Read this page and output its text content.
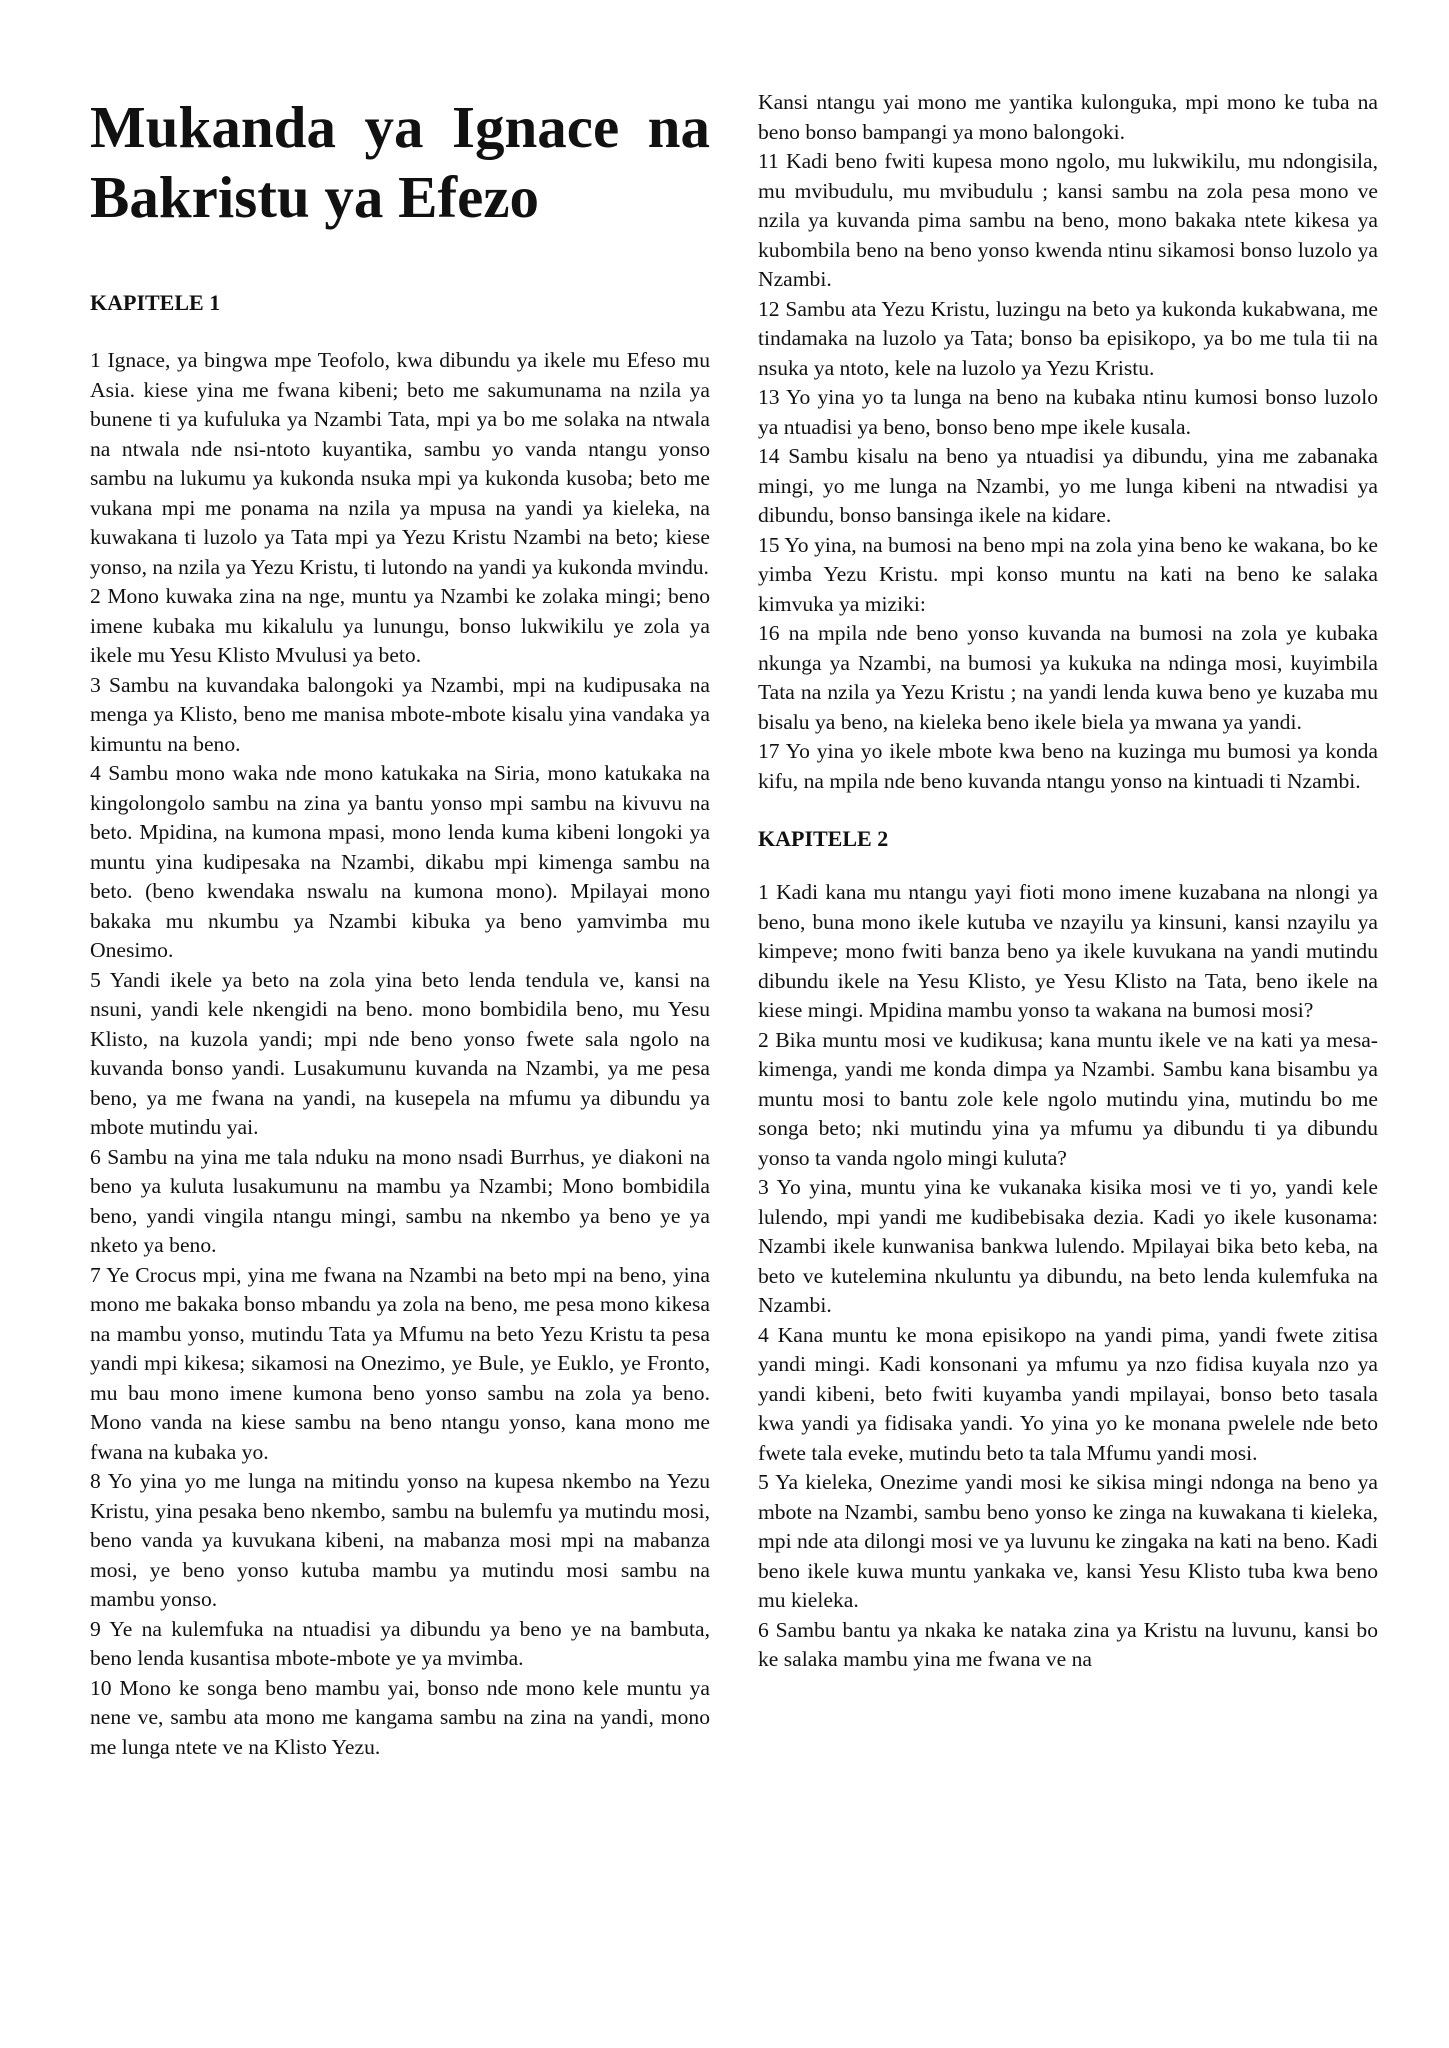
Mukanda ya Ignace na
Bakristu ya Efezo
KAPITELE 1

1 Ignace, ya bingwa mpe Teofolo, kwa dibundu ya ikele mu Efeso mu Asia. kiese yina me fwana kibeni; beto me sakumunama na nzila ya bunene ti ya kufuluka ya Nzambi Tata, mpi ya bo me solaka na ntwala na ntwala nde nsi-ntoto kuyantika, sambu yo vanda ntangu yonso sambu na lukumu ya kukonda nsuka mpi ya kukonda kusoba; beto me vukana mpi me ponama na nzila ya mpusa na yandi ya kieleka, na kuwakana ti luzolo ya Tata mpi ya Yezu Kristu Nzambi na beto; kiese yonso, na nzila ya Yezu Kristu, ti lutondo na yandi ya kukonda mvindu.

2 Mono kuwaka zina na nge, muntu ya Nzambi ke zolaka mingi; beno imene kubaka mu kikalulu ya lunungu, bonso lukwikilu ye zola ya ikele mu Yesu Klisto Mvulusi ya beto.

3 Sambu na kuvandaka balongoki ya Nzambi, mpi na kudipusaka na menga ya Klisto, beno me manisa mbote-mbote kisalu yina vandaka ya kimuntu na beno.

4 Sambu mono waka nde mono katukaka na Siria, mono katukaka na kingolongolo sambu na zina ya bantu yonso mpi sambu na kivuvu na beto. Mpidina, na kumona mpasi, mono lenda kuma kibeni longoki ya muntu yina kudipesaka na Nzambi, dikabu mpi kimenga sambu na beto. (beno kwendaka nswalu na kumona mono). Mpilayai mono bakaka mu nkumbu ya Nzambi kibuka ya beno yamvimba mu Onesimo.

5 Yandi ikele ya beto na zola yina beto lenda tendula ve, kansi na nsuni, yandi kele nkengidi na beno. mono bombidila beno, mu Yesu Klisto, na kuzola yandi; mpi nde beno yonso fwete sala ngolo na kuvanda bonso yandi. Lusakumunu kuvanda na Nzambi, ya me pesa beno, ya me fwana na yandi, na kusepela na mfumu ya dibundu ya mbote mutindu yai.

6 Sambu na yina me tala nduku na mono nsadi Burrhus, ye diakoni na beno ya kuluta lusakumunu na mambu ya Nzambi; Mono bombidila beno, yandi vingila ntangu mingi, sambu na nkembo ya beno ye ya nketo ya beno.

7 Ye Crocus mpi, yina me fwana na Nzambi na beto mpi na beno, yina mono me bakaka bonso mbandu ya zola na beno, me pesa mono kikesa na mambu yonso, mutindu Tata ya Mfumu na beto Yezu Kristu ta pesa yandi mpi kikesa; sikamosi na Onezimo, ye Bule, ye Euklo, ye Fronto, mu bau mono imene kumona beno yonso sambu na zola ya beno. Mono vanda na kiese sambu na beno ntangu yonso, kana mono me fwana na kubaka yo.

8 Yo yina yo me lunga na mitindu yonso na kupesa nkembo na Yezu Kristu, yina pesaka beno nkembo, sambu na bulemfu ya mutindu mosi, beno vanda ya kuvukana kibeni, na mabanza mosi mpi na mabanza mosi, ye beno yonso kutuba mambu ya mutindu mosi sambu na mambu yonso.

9 Ye na kulemfuka na ntuadisi ya dibundu ya beno ye na bambuta, beno lenda kusantisa mbote-mbote ye ya mvimba.

10 Mono ke songa beno mambu yai, bonso nde mono kele muntu ya nene ve, sambu ata mono me kangama sambu na zina na yandi, mono me lunga ntete ve na Klisto Yezu.

Kansi ntangu yai mono me yantika kulonguka, mpi mono ke tuba na beno bonso bampangi ya mono balongoki.

11 Kadi beno fwiti kupesa mono ngolo, mu lukwikilu, mu ndongisila, mu mvibudulu, mu mvibudulu ; kansi sambu na zola pesa mono ve nzila ya kuvanda pima sambu na beno, mono bakaka ntete kikesa ya kubombila beno na beno yonso kwenda ntinu sikamosi bonso luzolo ya Nzambi.

12 Sambu ata Yezu Kristu, luzingu na beto ya kukonda kukabwana, me tindamaka na luzolo ya Tata; bonso ba episikopo, ya bo me tula tii na nsuka ya ntoto, kele na luzolo ya Yezu Kristu.

13 Yo yina yo ta lunga na beno na kubaka ntinu kumosi bonso luzolo ya ntuadisi ya beno, bonso beno mpe ikele kusala.

14 Sambu kisalu na beno ya ntuadisi ya dibundu, yina me zabanaka mingi, yo me lunga na Nzambi, yo me lunga kibeni na ntwadisi ya dibundu, bonso bansinga ikele na kidare.

15 Yo yina, na bumosi na beno mpi na zola yina beno ke wakana, bo ke yimba Yezu Kristu. mpi konso muntu na kati na beno ke salaka kimvuka ya miziki:

16 na mpila nde beno yonso kuvanda na bumosi na zola ye kubaka nkunga ya Nzambi, na bumosi ya kukuka na ndinga mosi, kuyimbila Tata na nzila ya Yezu Kristu ; na yandi lenda kuwa beno ye kuzaba mu bisalu ya beno, na kieleka beno ikele biela ya mwana ya yandi.

17 Yo yina yo ikele mbote kwa beno na kuzinga mu bumosi ya konda kifu, na mpila nde beno kuvanda ntangu yonso na kintuadi ti Nzambi.

KAPITELE 2

1 Kadi kana mu ntangu yayi fioti mono imene kuzabana na nlongi ya beno, buna mono ikele kutuba ve nzayilu ya kinsuni, kansi nzayilu ya kimpeve; mono fwiti banza beno ya ikele kuvukana na yandi mutindu dibundu ikele na Yesu Klisto, ye Yesu Klisto na Tata, beno ikele na kiese mingi. Mpidina mambu yonso ta wakana na bumosi mosi?

2 Bika muntu mosi ve kudikusa; kana muntu ikele ve na kati ya mesa-kimenga, yandi me konda dimpa ya Nzambi. Sambu kana bisambu ya muntu mosi to bantu zole kele ngolo mutindu yina, mutindu bo me songa beto; nki mutindu yina ya mfumu ya dibundu ti ya dibundu yonso ta vanda ngolo mingi kuluta?

3 Yo yina, muntu yina ke vukanaka kisika mosi ve ti yo, yandi kele lulendo, mpi yandi me kudibebisaka dezia. Kadi yo ikele kusonama: Nzambi ikele kunwanisa bankwa lulendo. Mpilayai bika beto keba, na beto ve kutelemina nkuluntu ya dibundu, na beto lenda kulemfuka na Nzambi.

4 Kana muntu ke mona episikopo na yandi pima, yandi fwete zitisa yandi mingi. Kadi konsonani ya mfumu ya nzo fidisa kuyala nzo ya yandi kibeni, beto fwiti kuyamba yandi mpilayai, bonso beto tasala kwa yandi ya fidisaka yandi. Yo yina yo ke monana pwelele nde beto fwete tala eveke, mutindu beto ta tala Mfumu yandi mosi.

5 Ya kieleka, Onezime yandi mosi ke sikisa mingi ndonga na beno ya mbote na Nzambi, sambu beno yonso ke zinga na kuwakana ti kieleka, mpi nde ata dilongi mosi ve ya luvunu ke zingaka na kati na beno. Kadi beno ikele kuwa muntu yankaka ve, kansi Yesu Klisto tuba kwa beno mu kieleka.

6 Sambu bantu ya nkaka ke nataka zina ya Kristu na luvunu, kansi bo ke salaka mambu yina me fwana ve na
